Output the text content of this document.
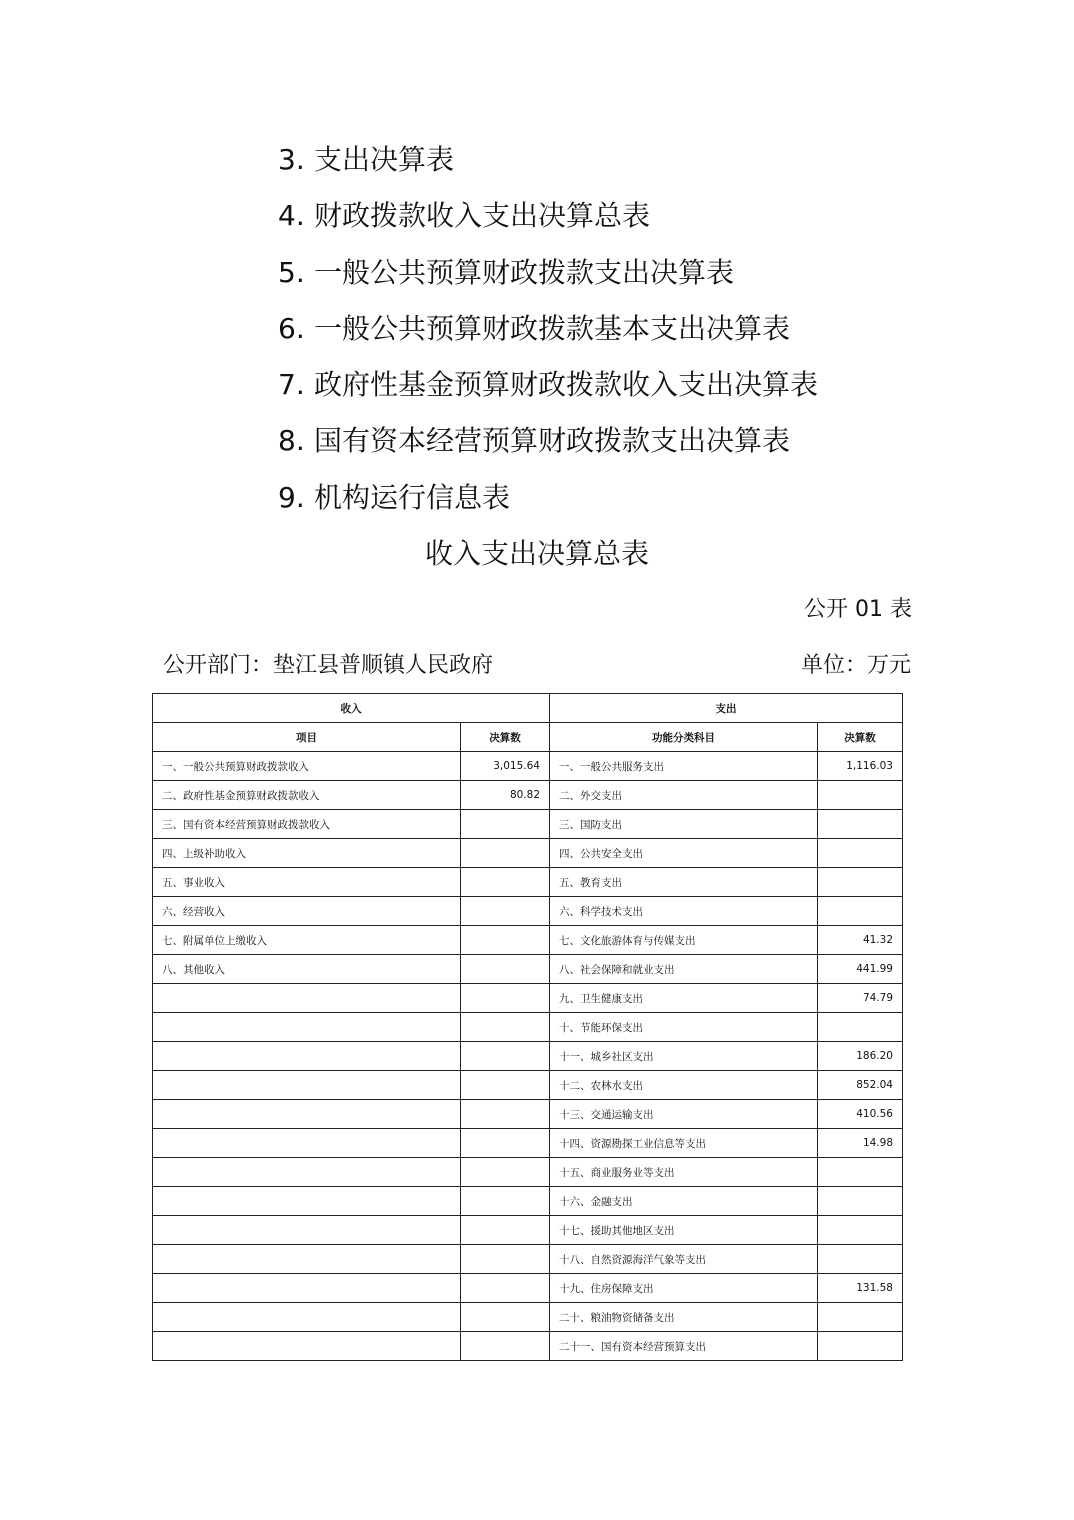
3. 支出决算表
4. 财政拨款收入支出决算总表
5. 一般公共预算财政拨款支出决算表
6. 一般公共预算财政拨款基本支出决算表
7. 政府性基金预算财政拨款收入支出决算表
8. 国有资本经营预算财政拨款支出决算表
9. 机构运行信息表
收入支出决算总表
公开 01 表
公开部门：垫江县普顺镇人民政府	单位：万元
收入		支出	
项目	决算数	功能分类科目	决算数
一、一般公共预算财政拨款收入	3,015.64	一、一般公共服务支出	1,116.03
二、政府性基金预算财政拨款收入	80.82	二、外交支出	
三、国有资本经营预算财政拨款收入		三、国防支出	
四、上级补助收入		四、公共安全支出	
五、事业收入		五、教育支出	
六、经营收入		六、科学技术支出	
七、附属单位上缴收入		七、文化旅游体育与传媒支出	41.32
八、其他收入		八、社会保障和就业支出	441.99
		九、卫生健康支出	74.79
		十、节能环保支出	
		十一、城乡社区支出	186.20
		十二、农林水支出	852.04
		十三、交通运输支出	410.56
		十四、资源勘探工业信息等支出	14.98
		十五、商业服务业等支出	
		十六、金融支出	
		十七、援助其他地区支出	
		十八、自然资源海洋气象等支出	
		十九、住房保障支出	131.58
		二十、粮油物资储备支出	
		二十一、国有资本经营预算支出	
